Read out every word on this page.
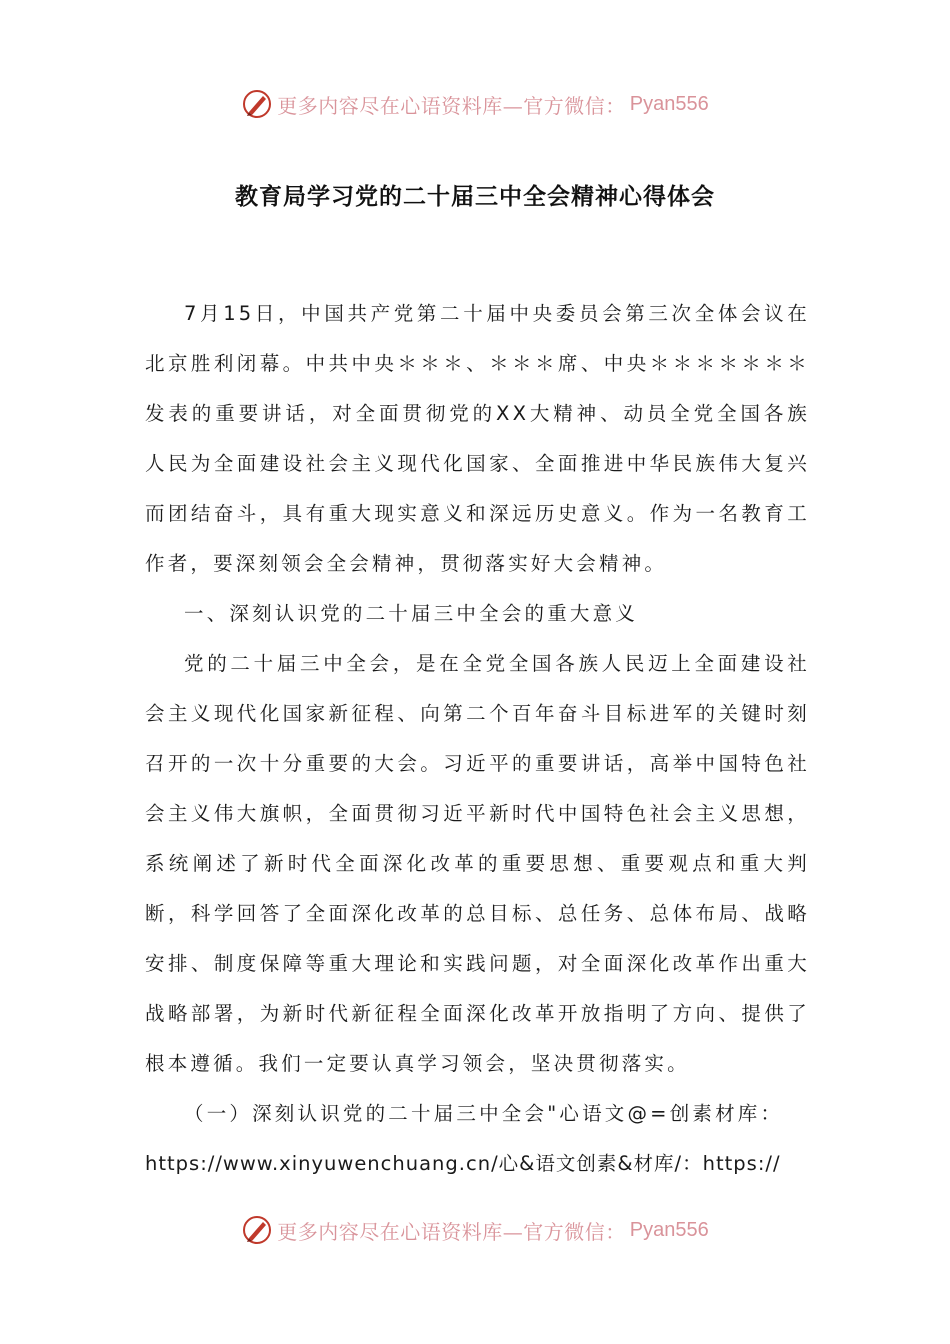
更多内容尽在心语资料库—官方微信： Pyan556
教育局学习党的二十届三中全会精神心得体会

7月15日，中国共产党第二十届中央委员会第三次全体会议在北京胜利闭幕。中共中央＊＊＊、＊＊＊席、中央＊＊＊＊＊＊＊发表的重要讲话，对全面贯彻党的XX大精神、动员全党全国各族人民为全面建设社会主义现代化国家、全面推进中华民族伟大复兴而团结奋斗，具有重大现实意义和深远历史意义。作为一名教育工作者，要深刻领会全会精神，贯彻落实好大会精神。

一、深刻认识党的二十届三中全会的重大意义

党的二十届三中全会，是在全党全国各族人民迈上全面建设社会主义现代化国家新征程、向第二个百年奋斗目标进军的关键时刻召开的一次十分重要的大会。习近平的重要讲话，高举中国特色社会主义伟大旗帜，全面贯彻习近平新时代中国特色社会主义思想，系统阐述了新时代全面深化改革的重要思想、重要观点和重大判断，科学回答了全面深化改革的总目标、总任务、总体布局、战略安排、制度保障等重大理论和实践问题，对全面深化改革作出重大战略部署，为新时代新征程全面深化改革开放指明了方向、提供了根本遵循。我们一定要认真学习领会，坚决贯彻落实。

（一）深刻认识党的二十届三中全会"心语文@=创素材库：

https://www.xinyuwenchuang.cn/心&语文创素&材库/：https://

更多内容尽在心语资料库—官方微信： Pyan556
